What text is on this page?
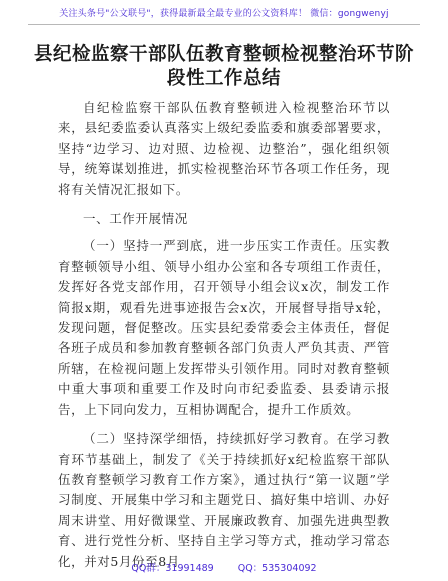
关注头条号"公文联号"，获得最新最全最专业的公文资料库！ 微信：gongwenyj
县纪检监察干部队伍教育整顿检视整治环节阶段性工作总结

自纪检监察干部队伍教育整顿进入检视整治环节以来，县纪委监委认真落实上级纪委监委和旗委部署要求，坚持“边学习、边对照、边检视、边整治”，强化组织领导，统筹谋划推进，抓实检视整治环节各项工作任务，现将有关情况汇报如下。

一、工作开展情况

（一）坚持一严到底，进一步压实工作责任。压实教育整顿领导小组、领导小组办公室和各专项组工作责任，发挥好各党支部作用，召开领导小组会议x次，制发工作简报x期，观看先进事迹报告会x次，开展督导指导x轮，发现问题，督促整改。压实县纪委常委会主体责任，督促各班子成员和参加教育整顿各部门负责人严负其责、严管所辖，在检视问题上发挥带头引领作用。同时对教育整顿中重大事项和重要工作及时向市纪委监委、县委请示报告，上下同向发力，互相协调配合，提升工作质效。

（二）坚持深学细悟，持续抓好学习教育。在学习教育环节基础上，制发了《关于持续抓好x纪检监察干部队伍教育整顿学习教育工作方案》，通过执行“第一议题”学习制度、开展集中学习和主题党日、搞好集中培训、办好周末讲堂、用好微课堂、开展廉政教育、加强先进典型教育、进行党性分析、坚持自主学习等方式，推动学习常态化，并对5月份至8月

QQ群：31991489	QQ：535304092
